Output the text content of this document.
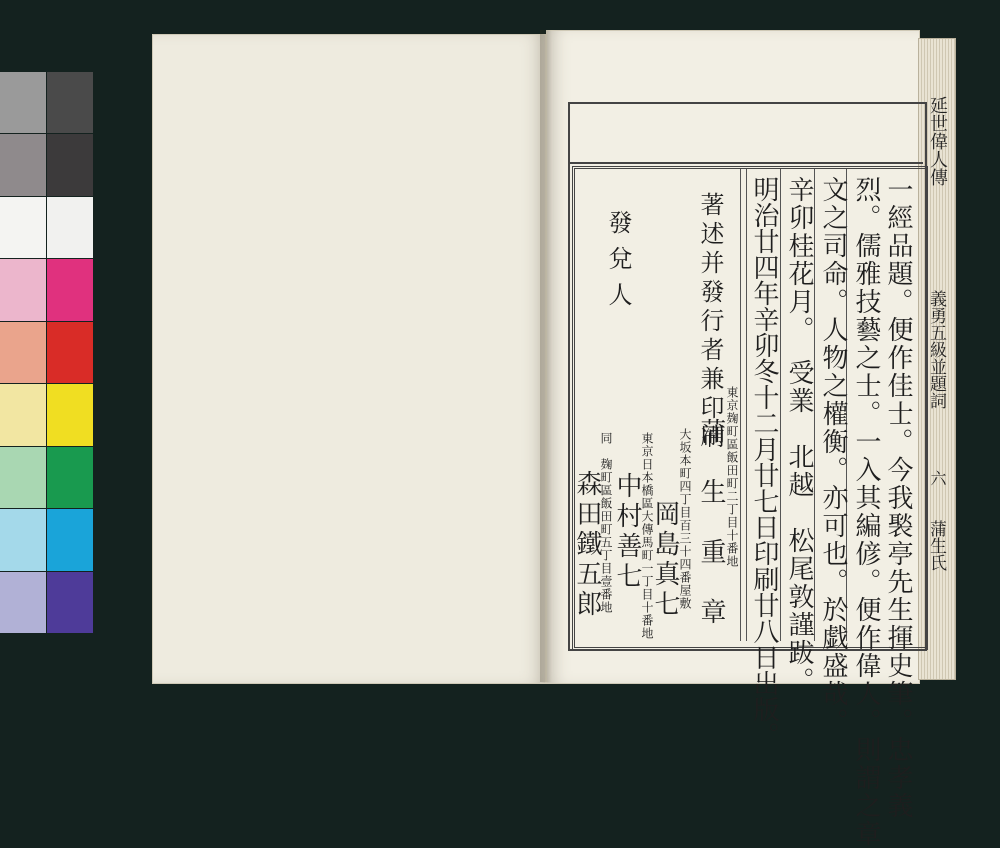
一經品題。便作佳士。今我褧亭先生揮史筆。忠孝義
烈。儒雅技藝之士。一入其編偐。便作偉人。則謂之章
文之司命。人物之權衡。亦可也。於戯盛哉。
辛卯桂花月。　受業　北越　松尾敦謹跋。
明治廿四年辛卯冬十二月廿七日印刷廿八日出版。
東京麹町區飯田町二丁目十番地
著述并發行者兼印刷
蒲　生　重　章
發兌人
大坂本町四丁目百三十四番屋敷
岡島真七
東京日本橋區大傳馬町一丁目十番地
中村善七
同　麹町區飯田町五丁目壹番地
森田鐵五郎
延世偉人傳
義勇五級並題詞
六
蒲生氏
